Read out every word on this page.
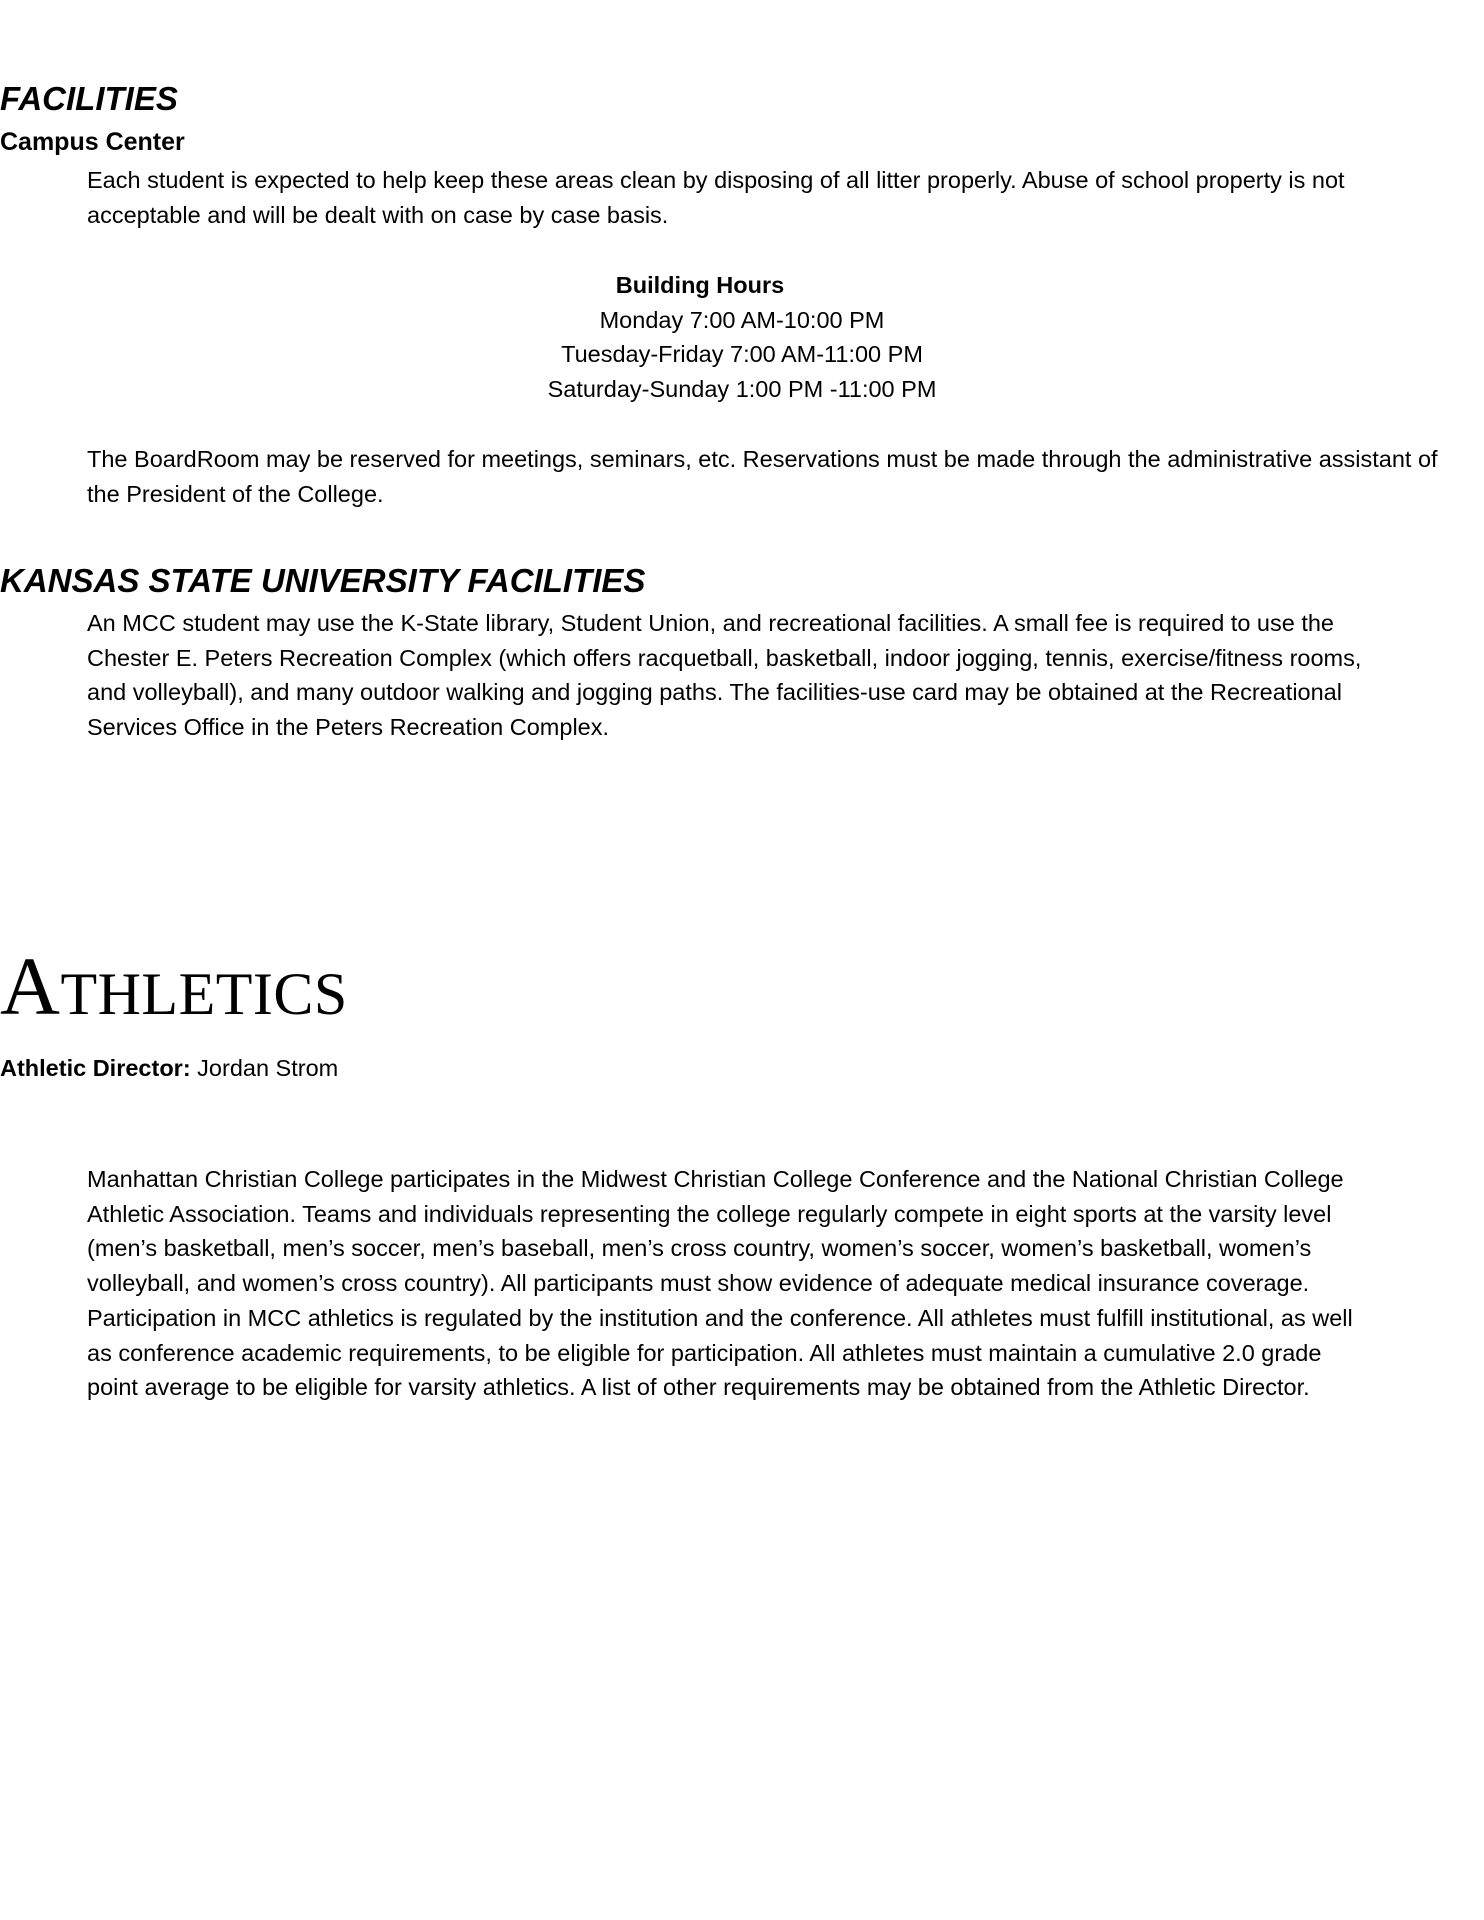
FACILITIES
Campus Center
Each student is expected to help keep these areas clean by disposing of all litter properly. Abuse of school property is not
acceptable and will be dealt with on case by case basis.
Building Hours
Monday 7:00 AM-10:00 PM
Tuesday-Friday 7:00 AM-11:00 PM
Saturday-Sunday 1:00 PM -11:00 PM
The BoardRoom may be reserved for meetings, seminars, etc. Reservations must be made through the administrative assistant of
the President of the College.
KANSAS STATE UNIVERSITY FACILITIES
An MCC student may use the K-State library, Student Union, and recreational facilities. A small fee is required to use the
Chester E. Peters Recreation Complex (which offers racquetball, basketball, indoor jogging, tennis, exercise/fitness rooms,
and volleyball), and many outdoor walking and jogging paths. The facilities-use card may be obtained at the Recreational
Services Office in the Peters Recreation Complex.
ATHLETICS
Athletic Director: Jordan Strom
Manhattan Christian College participates in the Midwest Christian College Conference and the National Christian College
Athletic Association. Teams and individuals representing the college regularly compete in eight sports at the varsity level
(men’s basketball, men’s soccer, men’s baseball, men’s cross country, women’s soccer, women’s basketball, women’s
volleyball, and women’s cross country). All participants must show evidence of adequate medical insurance coverage.
Participation in MCC athletics is regulated by the institution and the conference. All athletes must fulfill institutional, as well
as conference academic requirements, to be eligible for participation. All athletes must maintain a cumulative 2.0 grade
point average to be eligible for varsity athletics. A list of other requirements may be obtained from the Athletic Director.
